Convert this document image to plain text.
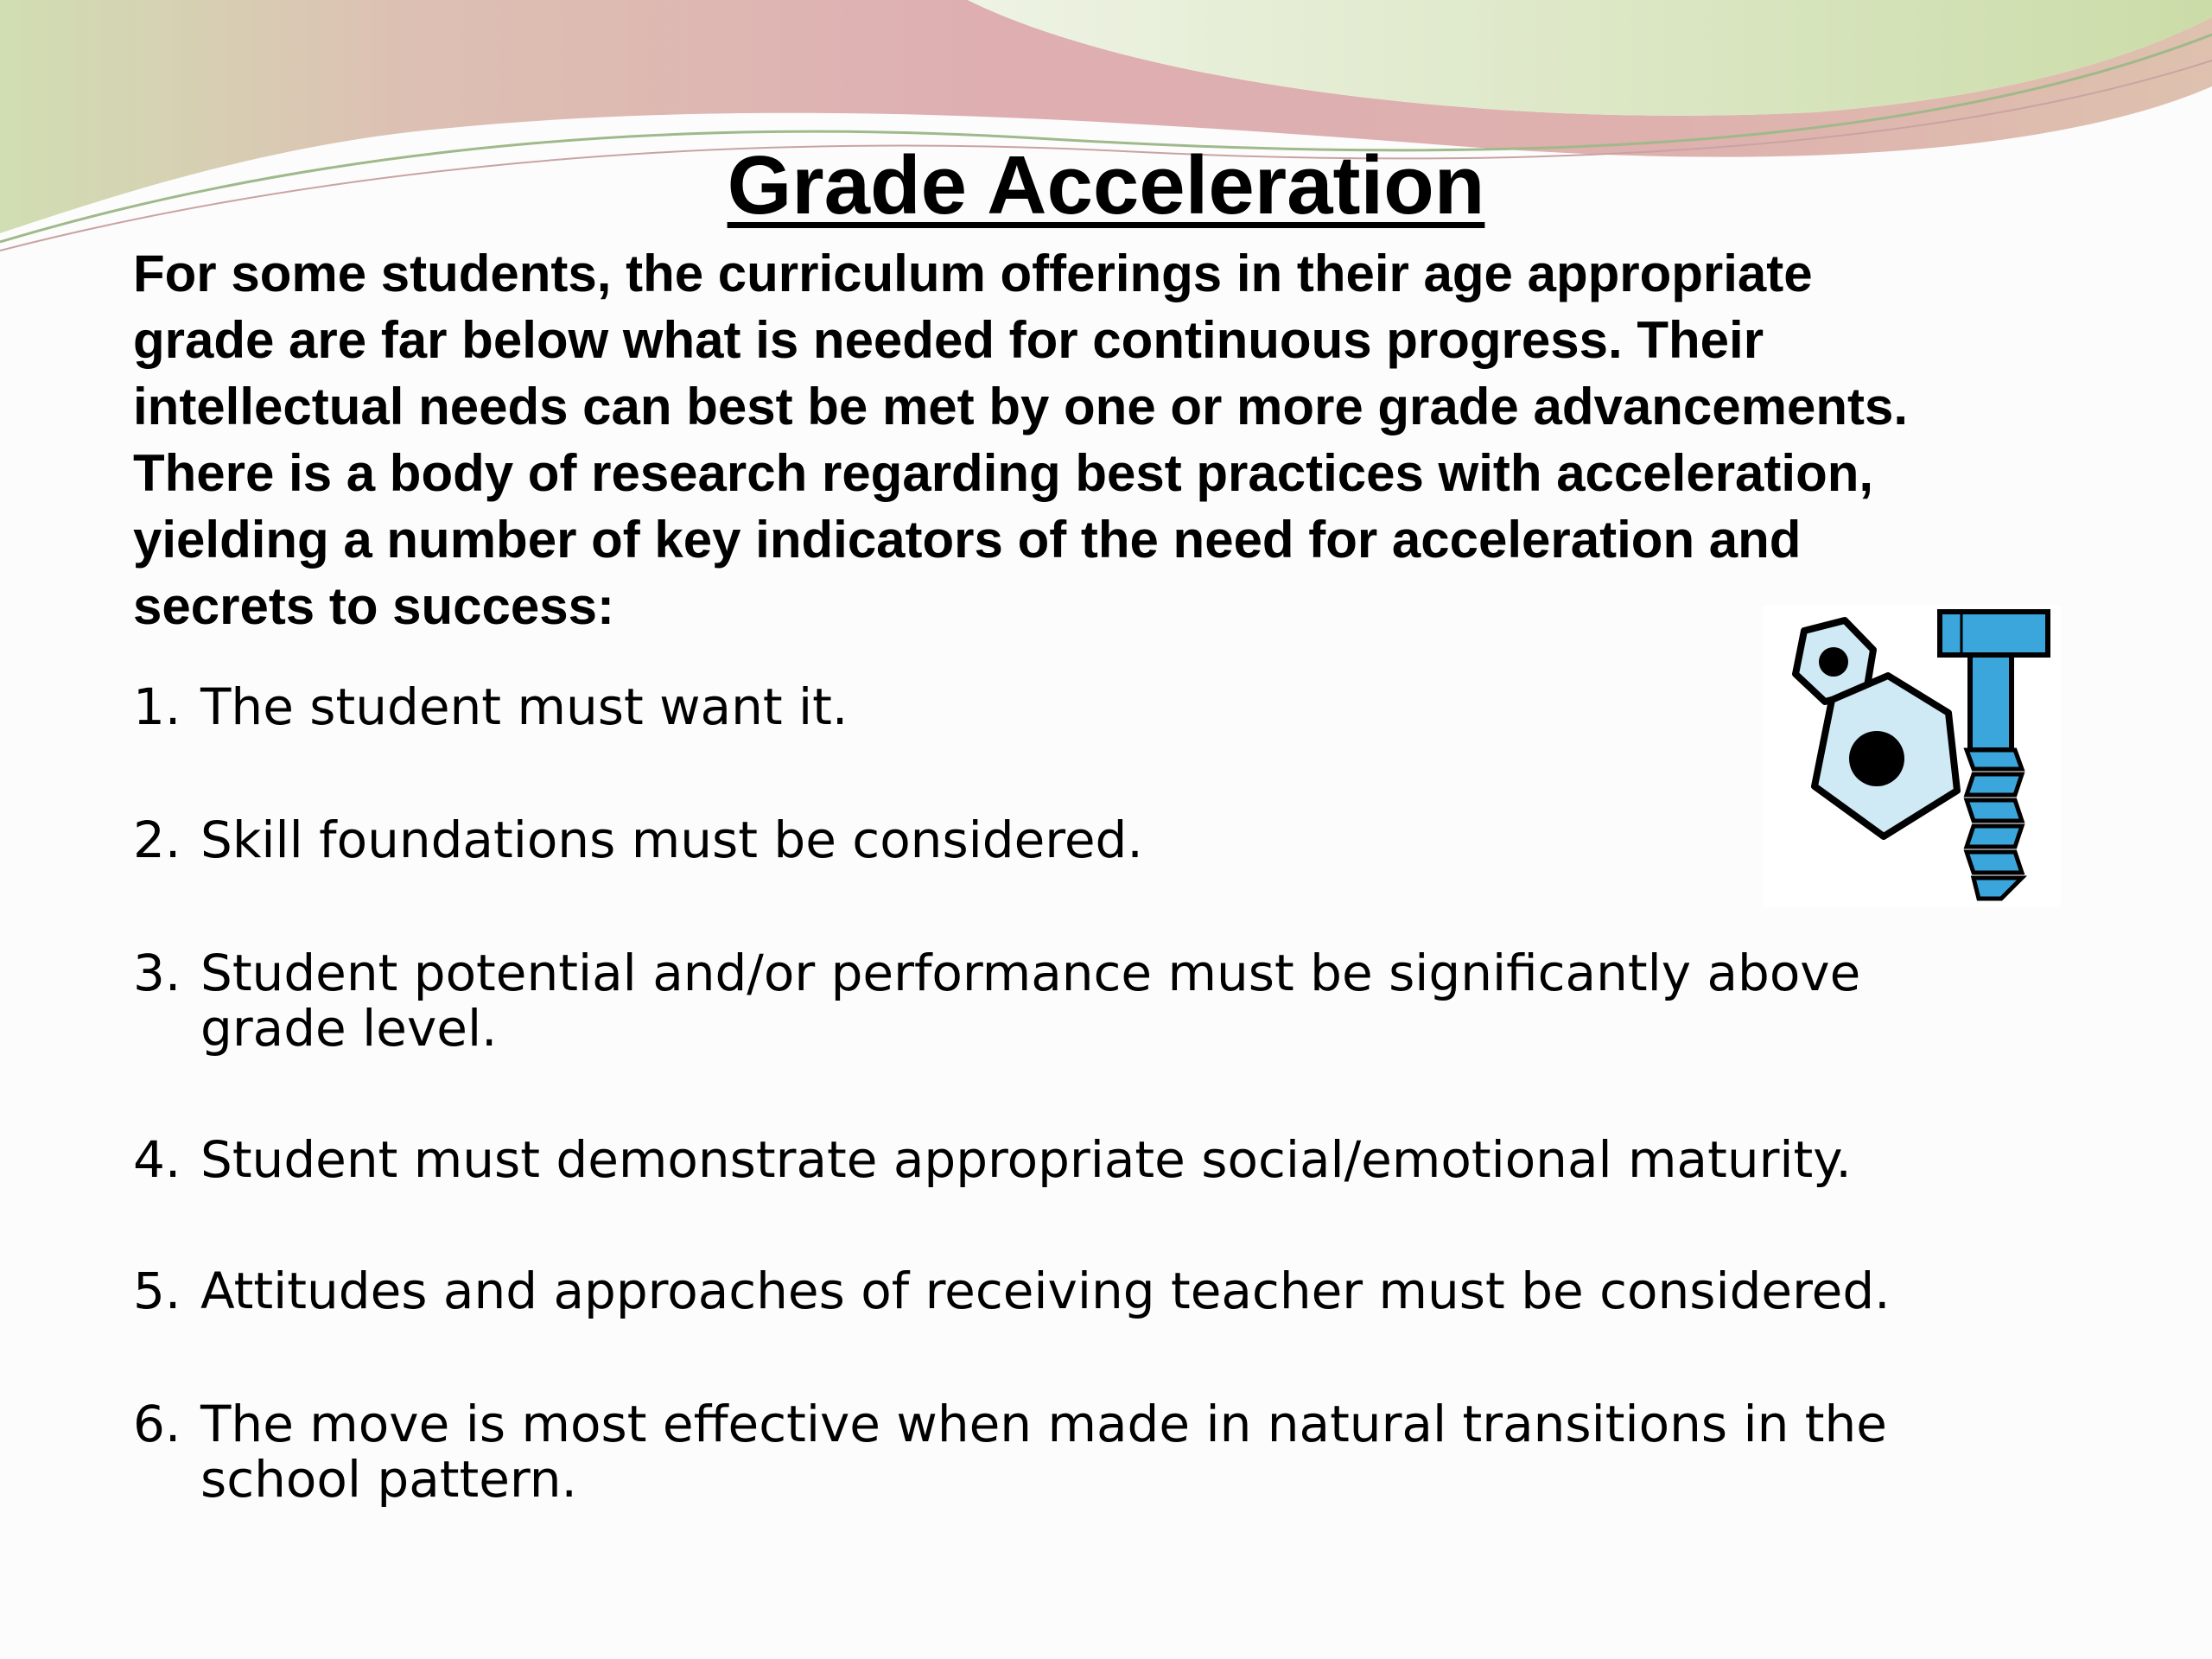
Grade Acceleration

For some students, the curriculum offerings in their age appropriate
grade are far below what is needed for continuous progress. Their
intellectual needs can best be met by one or more grade advancements.
There is a body of research regarding best practices with acceleration,
yielding a number of key indicators of the need for acceleration and
secrets to success:

1. The student must want it.
2. Skill foundations must be considered.
3. Student potential and/or performance must be significantly above
grade level.
4. Student must demonstrate appropriate social/emotional maturity.
5. Attitudes and approaches of receiving teacher must be considered.
6. The move is most effective when made in natural transitions in the
school pattern.
